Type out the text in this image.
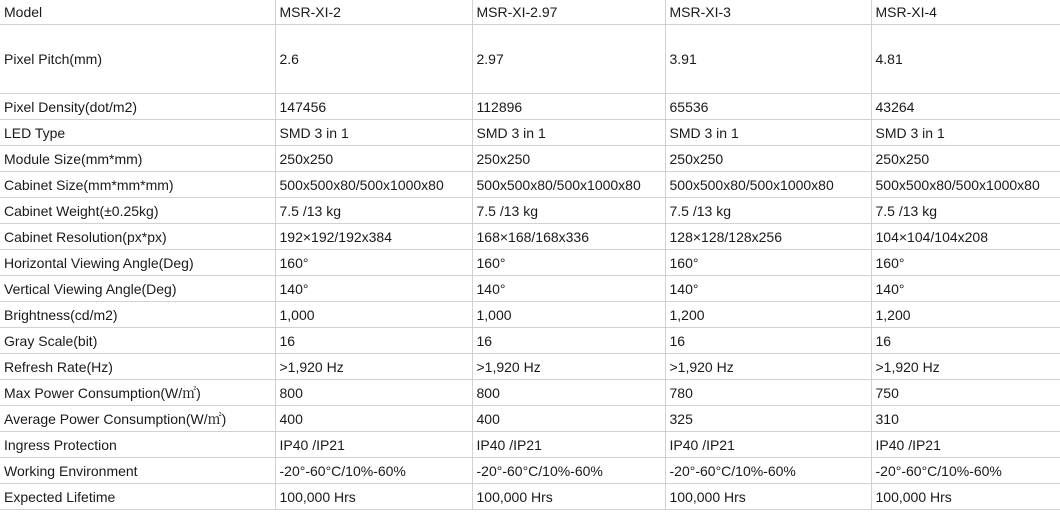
Model	MSR-XI-2	MSR-XI-2.97	MSR-XI-3	MSR-XI-4
Pixel Pitch(mm)	2.6	2.97	3.91	4.81
Pixel Density(dot/m2)	147456	112896	65536	43264
LED Type	SMD 3 in 1	SMD 3 in 1	SMD 3 in 1	SMD 3 in 1
Module Size(mm*mm)	250x250	250x250	250x250	250x250
Cabinet Size(mm*mm*mm)	500x500x80/500x1000x80	500x500x80/500x1000x80	500x500x80/500x1000x80	500x500x80/500x1000x80
Cabinet Weight(±0.25kg)	7.5 /13 kg	7.5 /13 kg	7.5 /13 kg	7.5 /13 kg
Cabinet Resolution(px*px)	192×192/192x384	168×168/168x336	128×128/128x256	104×104/104x208
Horizontal Viewing Angle(Deg)	160°	160°	160°	160°
Vertical Viewing Angle(Deg)	140°	140°	140°	140°
Brightness(cd/m2)	1,000	1,000	1,200	1,200
Gray Scale(bit)	16	16	16	16
Refresh Rate(Hz)	>1,920 Hz	>1,920 Hz	>1,920 Hz	>1,920 Hz
Max Power Consumption(W/㎡)	800	800	780	750
Average Power Consumption(W/㎡)	400	400	325	310
Ingress Protection	IP40 /IP21	IP40 /IP21	IP40 /IP21	IP40 /IP21
Working Environment	-20°-60°C/10%-60%	-20°-60°C/10%-60%	-20°-60°C/10%-60%	-20°-60°C/10%-60%
Expected Lifetime	100,000 Hrs	100,000 Hrs	100,000 Hrs	100,000 Hrs
